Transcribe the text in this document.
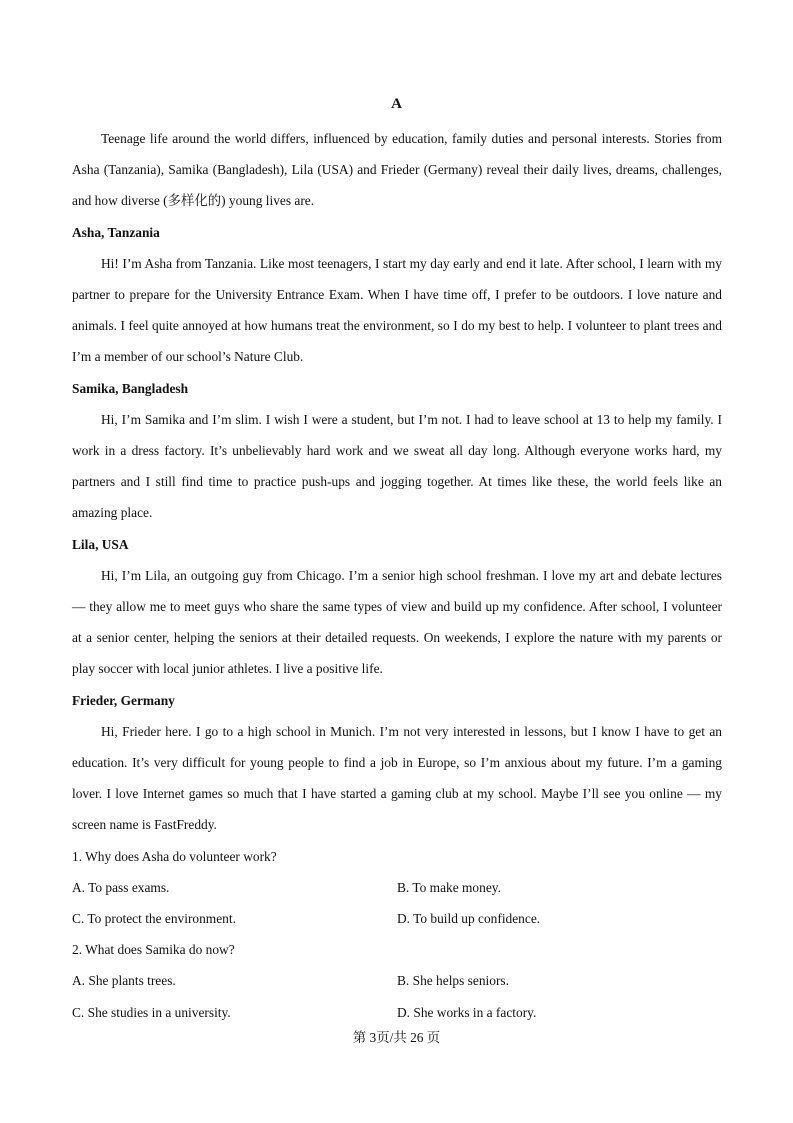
A

Teenage life around the world differs, influenced by education, family duties and personal interests. Stories from Asha (Tanzania), Samika (Bangladesh), Lila (USA) and Frieder (Germany) reveal their daily lives, dreams, challenges, and how diverse (多样化的) young lives are.

Asha, Tanzania

Hi! I’m Asha from Tanzania. Like most teenagers, I start my day early and end it late. After school, I learn with my partner to prepare for the University Entrance Exam. When I have time off, I prefer to be outdoors. I love nature and animals. I feel quite annoyed at how humans treat the environment, so I do my best to help. I volunteer to plant trees and I’m a member of our school’s Nature Club.

Samika, Bangladesh

Hi, I’m Samika and I’m slim. I wish I were a student, but I’m not. I had to leave school at 13 to help my family. I work in a dress factory. It’s unbelievably hard work and we sweat all day long. Although everyone works hard, my partners and I still find time to practice push-ups and jogging together. At times like these, the world feels like an amazing place.

Lila, USA

Hi, I’m Lila, an outgoing guy from Chicago. I’m a senior high school freshman. I love my art and debate lectures — they allow me to meet guys who share the same types of view and build up my confidence. After school, I volunteer at a senior center, helping the seniors at their detailed requests. On weekends, I explore the nature with my parents or play soccer with local junior athletes. I live a positive life.

Frieder, Germany

Hi, Frieder here. I go to a high school in Munich. I’m not very interested in lessons, but I know I have to get an education. It’s very difficult for young people to find a job in Europe, so I’m anxious about my future. I’m a gaming lover. I love Internet games so much that I have started a gaming club at my school. Maybe I’ll see you online — my screen name is FastFreddy.

1. Why does Asha do volunteer work?

A. To pass exams.	B. To make money.
C. To protect the environment.	D. To build up confidence.

2. What does Samika do now?

A. She plants trees.	B. She helps seniors.
C. She studies in a university.	D. She works in a factory.
第 3页/共 26 页
